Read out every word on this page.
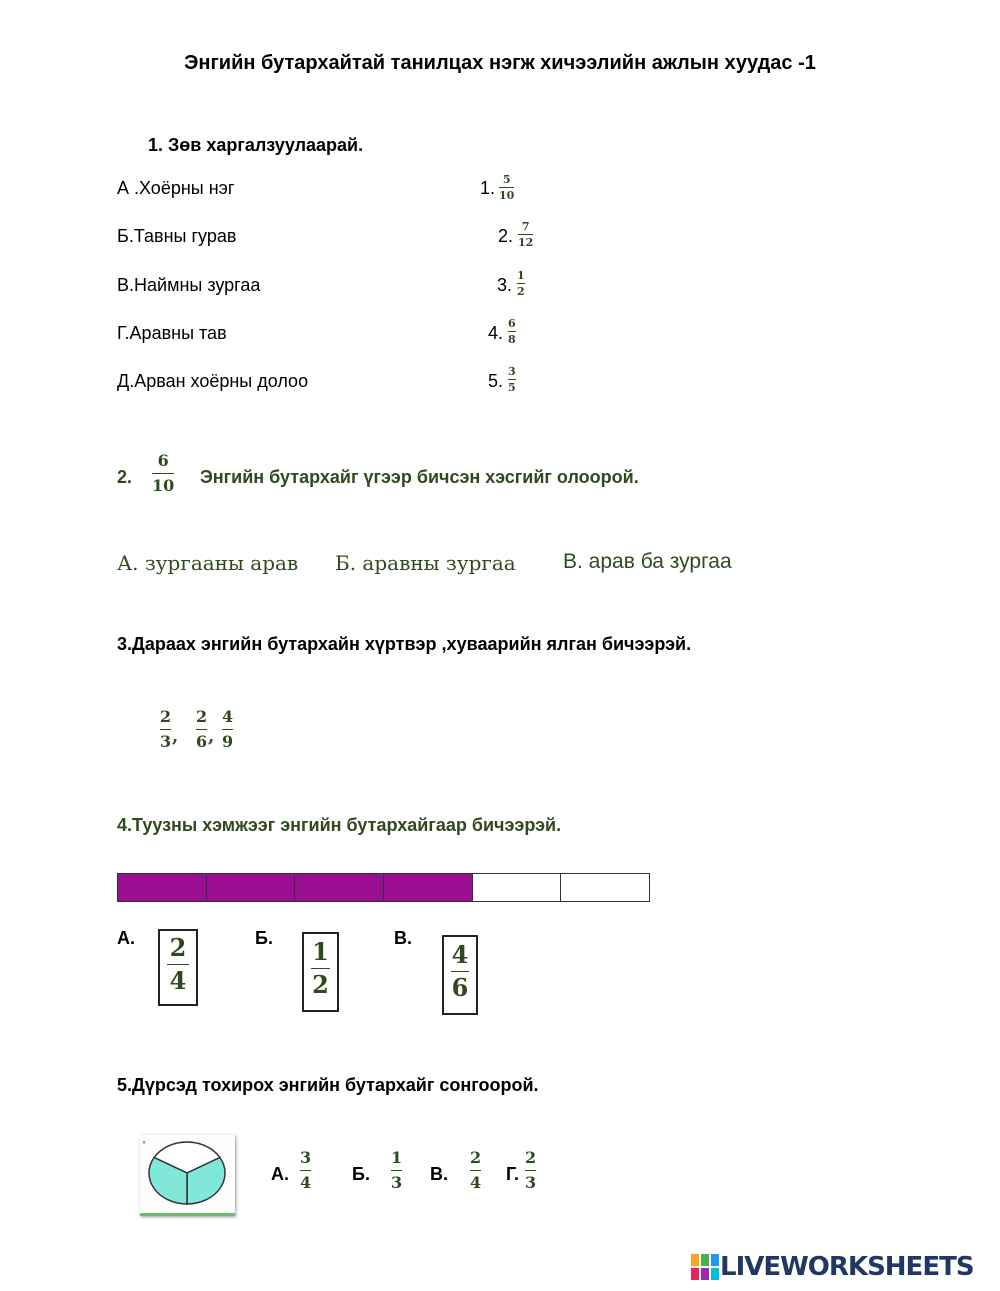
Энгийн бутархайтай танилцах нэгж хичээлийн ажлын хуудас -1
1. Зөв харгалзуулаарай.
А .Хоёрны нэг
Б.Тавны гурав
В.Наймны зургаа
Г.Аравны тав
Д.Арван хоёрны долоо
1. 5
10
2. 7
12
3. 1
2
4. 6
8
5. 3
5
2.
6
10 Энгийн бутархайг үгээр бичсэн хэсгийг олоорой.
А. зургааны арав Б. аравны зургаа В. арав ба зургаа
3.Дараах энгийн бутархайн хүртвэр ,хуваарийн ялган бичээрэй.
2
3 ,
2
6 ,
4
9
4.Туузны хэмжээг энгийн бутархайгаар бичээрэй.
А. 2
4
Б. 1
2
В.
4
6
5.Дүрсэд тохирох энгийн бутархайг сонгоорой.
°
А.
3
4 Б.
1
3 В.
2
4 Г.
2
3
LIVEWORKSHEETS
